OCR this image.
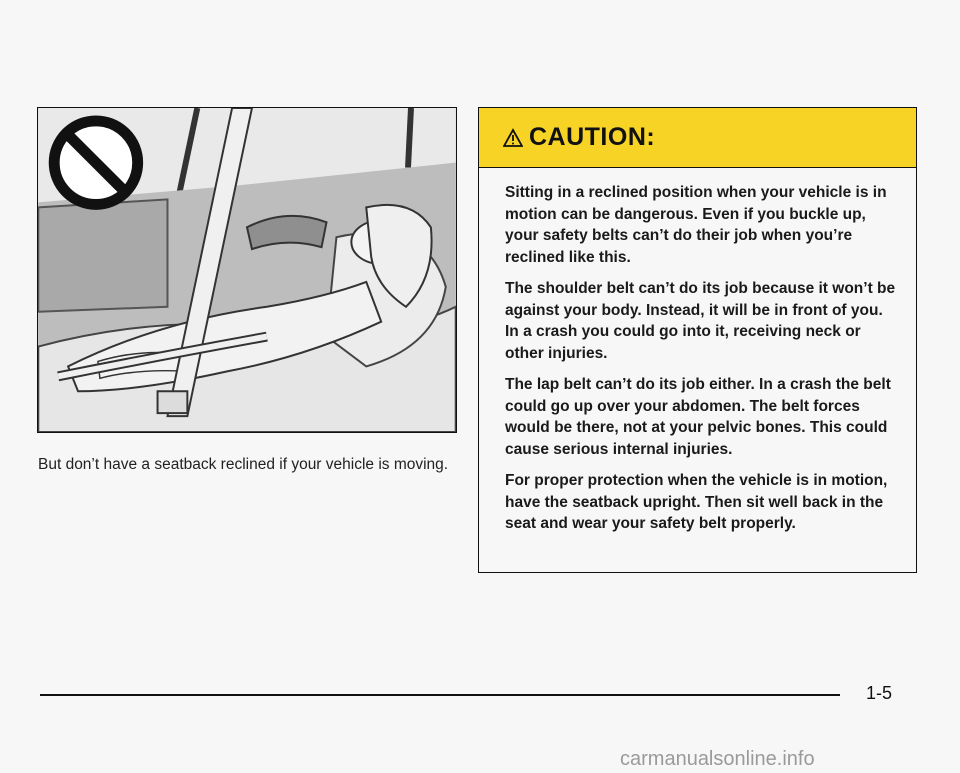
But don’t have a seatback reclined if your vehicle is moving.
CAUTION:

Sitting in a reclined position when your vehicle is in motion can be dangerous. Even if you buckle up, your safety belts can’t do their job when you’re reclined like this.

The shoulder belt can’t do its job because it won’t be against your body. Instead, it will be in front of you. In a crash you could go into it, receiving neck or other injuries.

The lap belt can’t do its job either. In a crash the belt could go up over your abdomen. The belt forces would be there, not at your pelvic bones. This could cause serious internal injuries.

For proper protection when the vehicle is in motion, have the seatback upright. Then sit well back in the seat and wear your safety belt properly.

1-5
carmanualsonline.info
